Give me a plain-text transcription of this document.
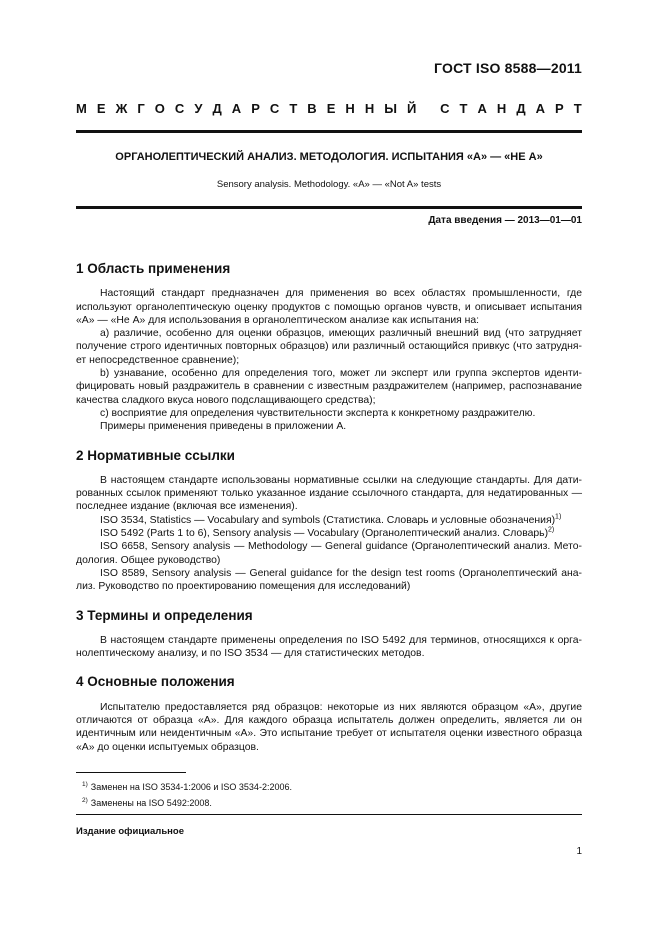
ГОСТ ISO 8588—2011
М Е Ж Г О С У Д А Р С Т В Е Н Н Ы Й
С Т А Н Д А Р Т
ОРГАНОЛЕПТИЧЕСКИЙ АНАЛИЗ. МЕТОДОЛОГИЯ. ИСПЫТАНИЯ «А» — «НЕ А»
Sensory analysis. Methodology. «A» — «Not A» tests
Дата введения — 2013—01—01
1 Область применения

Настоящий стандарт предназначен для применения во всех областях промышленности, где используют органолептическую оценку продуктов с помощью органов чувств, и описывает испытания «А» — «Не А» для использования в органолептическом анализе как испытания на:

а) различие, особенно для оценки образцов, имеющих различный внешний вид (что затрудняет получение строго идентичных повторных образцов) или различный остающийся привкус (что затрудняет непосредственное сравнение);

b) узнавание, особенно для определения того, может ли эксперт или группа экспертов идентифицировать новый раздражитель в сравнении с известным раздражителем (например, распознавание качества сладкого вкуса нового подслащивающего средства);

с) восприятие для определения чувствительности эксперта к конкретному раздражителю.

Примеры применения приведены в приложении А.

2 Нормативные ссылки

В настоящем стандарте использованы нормативные ссылки на следующие стандарты. Для датированных ссылок применяют только указанное издание ссылочного стандарта, для недатированных — последнее издание (включая все изменения).

ISO 3534, Statistics — Vocabulary and symbols (Статистика. Словарь и условные обозначения)$^{1)}$

ISO 5492 (Parts 1 to 6), Sensory analysis — Vocabulary (Органолептический анализ. Словарь)$^{2)}$

ISO 6658, Sensory analysis — Methodology — General guidance (Органолептический анализ. Методология. Общее руководство)

ISO 8589, Sensory analysis — General guidance for the design test rooms (Органолептический анализ. Руководство по проектированию помещения для исследований)

3 Термины и определения

В настоящем стандарте применены определения по ISO 5492 для терминов, относящихся к органолептическому анализу, и по ISO 3534 — для статистических методов.

4 Основные положения

Испытателю предоставляется ряд образцов: некоторые из них являются образцом «А», другие отличаются от образца «А». Для каждого образца испытатель должен определить, является ли он идентичным или неидентичным «А». Это испытание требует от испытателя оценки известного образца «А» до оценки испытуемых образцов.

$^{1)}$ Заменен на ISO 3534-1:2006 и ISO 3534-2:2006.
$^{2)}$ Заменены на ISO 5492:2008.
Издание официальное
1
